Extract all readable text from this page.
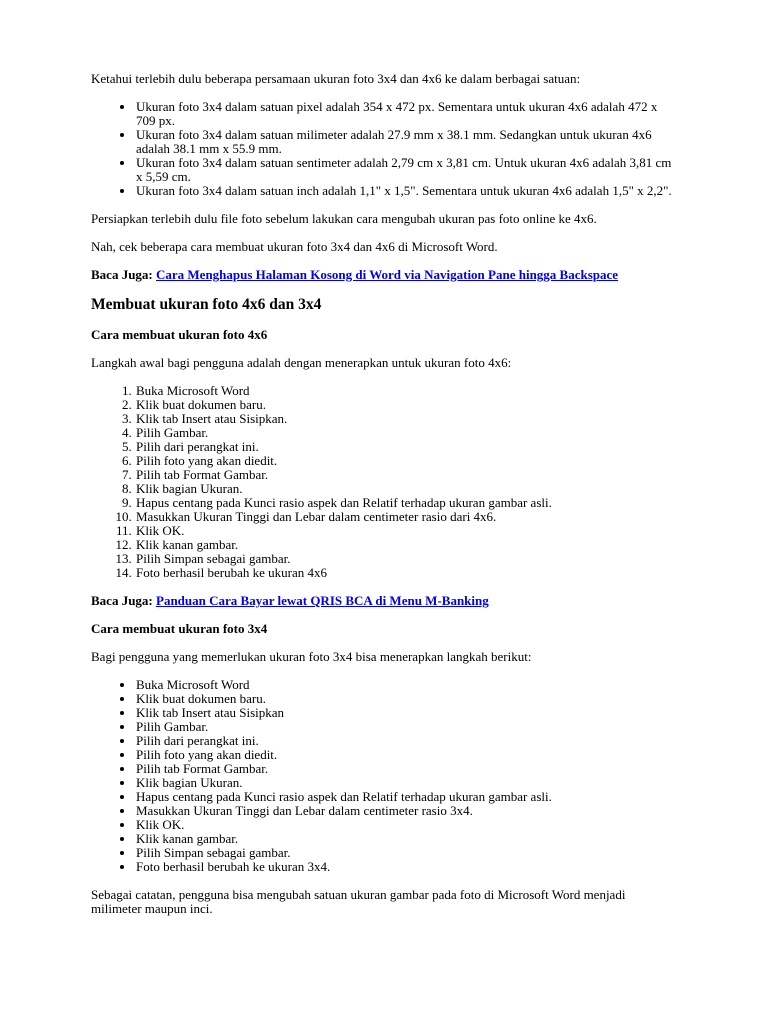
Ketahui terlebih dulu beberapa persamaan ukuran foto 3x4 dan 4x6 ke dalam berbagai satuan:

• Ukuran foto 3x4 dalam satuan pixel adalah 354 x 472 px. Sementara untuk ukuran 4x6 adalah 472 x 709 px.
• Ukuran foto 3x4 dalam satuan milimeter adalah 27.9 mm x 38.1 mm. Sedangkan untuk ukuran 4x6 adalah 38.1 mm x 55.9 mm.
• Ukuran foto 3x4 dalam satuan sentimeter adalah 2,79 cm x 3,81 cm. Untuk ukuran 4x6 adalah 3,81 cm x 5,59 cm.
• Ukuran foto 3x4 dalam satuan inch adalah 1,1" x 1,5". Sementara untuk ukuran 4x6 adalah 1,5" x 2,2".

Persiapkan terlebih dulu file foto sebelum lakukan cara mengubah ukuran pas foto online ke 4x6.

Nah, cek beberapa cara membuat ukuran foto 3x4 dan 4x6 di Microsoft Word.

Baca Juga: Cara Menghapus Halaman Kosong di Word via Navigation Pane hingga Backspace

Membuat ukuran foto 4x6 dan 3x4
Cara membuat ukuran foto 4x6

Langkah awal bagi pengguna adalah dengan menerapkan untuk ukuran foto 4x6:

1. Buka Microsoft Word
2. Klik buat dokumen baru.
3. Klik tab Insert atau Sisipkan.
4. Pilih Gambar.
5. Pilih dari perangkat ini.
6. Pilih foto yang akan diedit.
7. Pilih tab Format Gambar.
8. Klik bagian Ukuran.
9. Hapus centang pada Kunci rasio aspek dan Relatif terhadap ukuran gambar asli.
10. Masukkan Ukuran Tinggi dan Lebar dalam centimeter rasio dari 4x6.
11. Klik OK.
12. Klik kanan gambar.
13. Pilih Simpan sebagai gambar.
14. Foto berhasil berubah ke ukuran 4x6

Baca Juga: Panduan Cara Bayar lewat QRIS BCA di Menu M-Banking

Cara membuat ukuran foto 3x4

Bagi pengguna yang memerlukan ukuran foto 3x4 bisa menerapkan langkah berikut:

• Buka Microsoft Word
• Klik buat dokumen baru.
• Klik tab Insert atau Sisipkan
• Pilih Gambar.
• Pilih dari perangkat ini.
• Pilih foto yang akan diedit.
• Pilih tab Format Gambar.
• Klik bagian Ukuran.
• Hapus centang pada Kunci rasio aspek dan Relatif terhadap ukuran gambar asli.
• Masukkan Ukuran Tinggi dan Lebar dalam centimeter rasio 3x4.
• Klik OK.
• Klik kanan gambar.
• Pilih Simpan sebagai gambar.
• Foto berhasil berubah ke ukuran 3x4.

Sebagai catatan, pengguna bisa mengubah satuan ukuran gambar pada foto di Microsoft Word menjadi milimeter maupun inci.
